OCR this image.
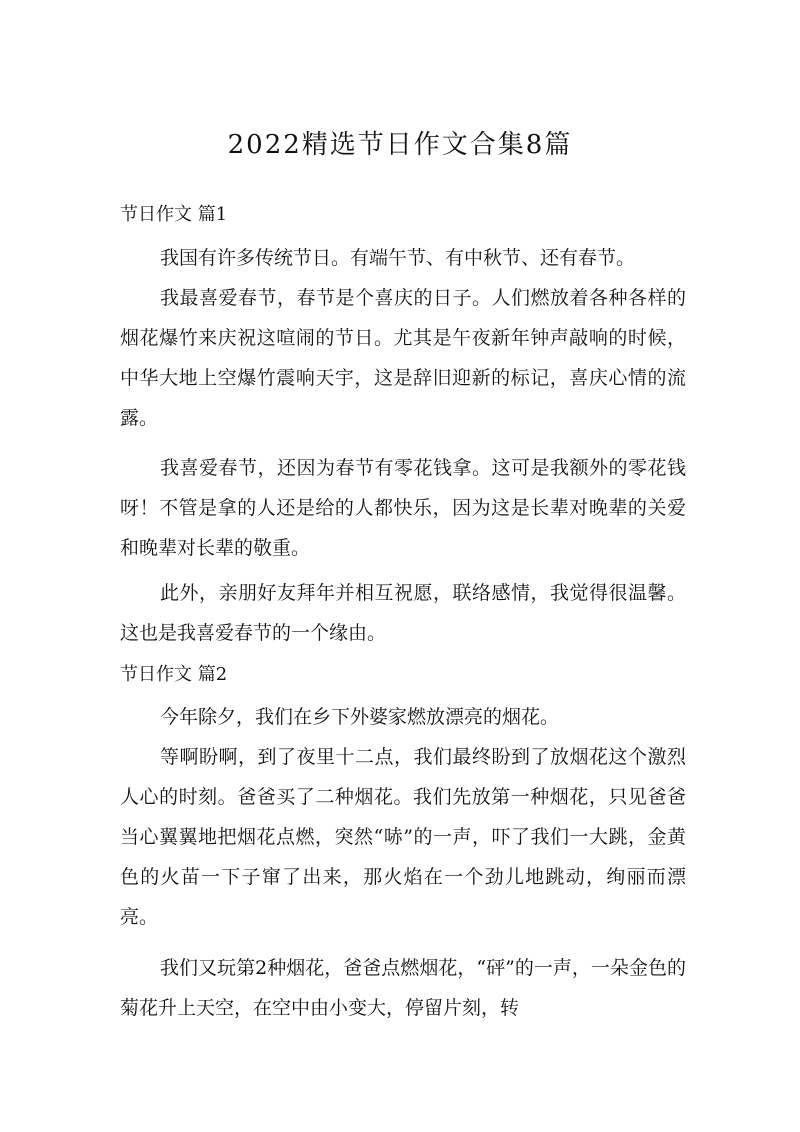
2022精选节日作文合集8篇
节日作文 篇1

我国有许多传统节日。有端午节、有中秋节、还有春节。

我最喜爱春节，春节是个喜庆的日子。人们燃放着各种各样的烟花爆竹来庆祝这喧闹的节日。尤其是午夜新年钟声敲响的时候，中华大地上空爆竹震响天宇，这是辞旧迎新的标记，喜庆心情的流露。

我喜爱春节，还因为春节有零花钱拿。这可是我额外的零花钱呀！不管是拿的人还是给的人都快乐，因为这是长辈对晚辈的关爱和晚辈对长辈的敬重。

此外，亲朋好友拜年并相互祝愿，联络感情，我觉得很温馨。这也是我喜爱春节的一个缘由。

节日作文 篇2

今年除夕，我们在乡下外婆家燃放漂亮的烟花。

等啊盼啊，到了夜里十二点，我们最终盼到了放烟花这个激烈人心的时刻。爸爸买了二种烟花。我们先放第一种烟花，只见爸爸当心翼翼地把烟花点燃，突然“哧”的一声，吓了我们一大跳，金黄色的火苗一下子窜了出来，那火焰在一个劲儿地跳动，绚丽而漂亮。

我们又玩第2种烟花，爸爸点燃烟花，“砰”的一声，一朵金色的菊花升上天空，在空中由小变大，停留片刻，转
